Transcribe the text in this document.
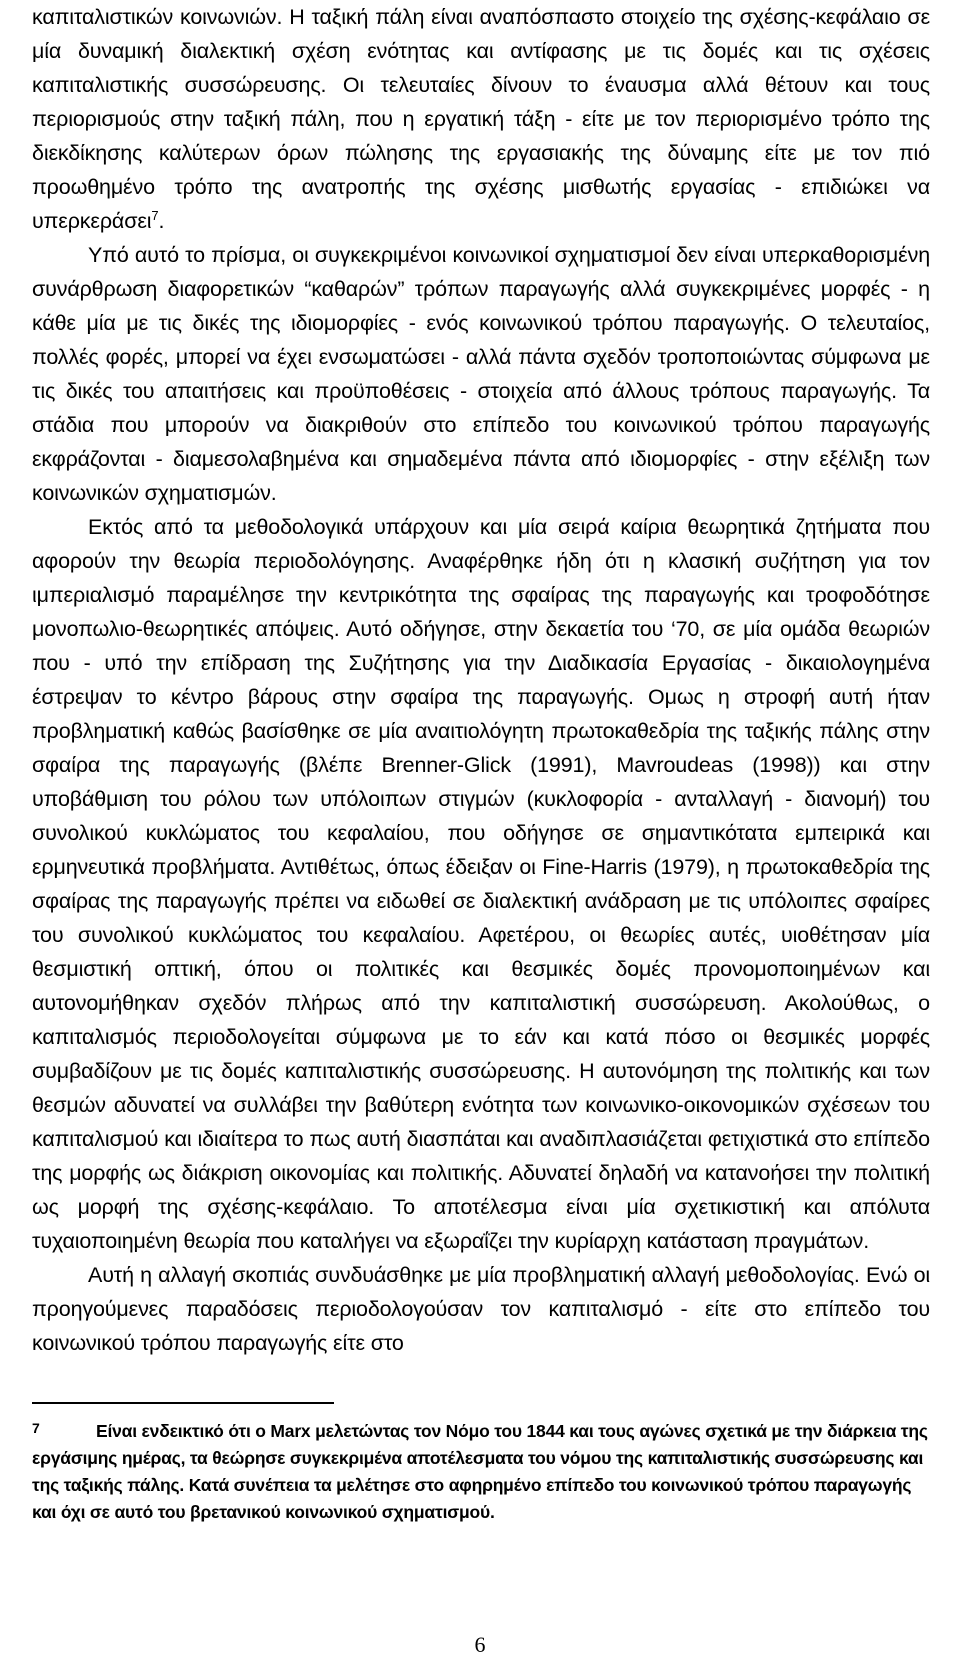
καπιταλιστικών κοινωνιών. Η ταξική πάλη είναι αναπόσπαστο στοιχείο της σχέσης-κεφάλαιο σε μία δυναμική διαλεκτική σχέση ενότητας και αντίφασης με τις δομές και τις σχέσεις καπιταλιστικής συσσώρευσης. Οι τελευταίες δίνουν το έναυσμα αλλά θέτουν και τους περιορισμούς στην ταξική πάλη, που η εργατική τάξη - είτε με τον περιορισμένο τρόπο της διεκδίκησης καλύτερων όρων πώλησης της εργασιακής της δύναμης είτε με τον πιό προωθημένο τρόπο της ανατροπής της σχέσης μισθωτής εργασίας - επιδιώκει να υπερκεράσει$^7$.

Υπό αυτό το πρίσμα, οι συγκεκριμένοι κοινωνικοί σχηματισμοί δεν είναι υπερκαθορισμένη συνάρθρωση διαφορετικών “καθαρών” τρόπων παραγωγής αλλά συγκεκριμένες μορφές - η κάθε μία με τις δικές της ιδιομορφίες - ενός κοινωνικού τρόπου παραγωγής. Ο τελευταίος, πολλές φορές, μπορεί να έχει ενσωματώσει - αλλά πάντα σχεδόν τροποποιώντας σύμφωνα με τις δικές του απαιτήσεις και προϋποθέσεις - στοιχεία από άλλους τρόπους παραγωγής. Τα στάδια που μπορούν να διακριθούν στο επίπεδο του κοινωνικού τρόπου παραγωγής εκφράζονται - διαμεσολαβημένα και σημαδεμένα πάντα από ιδιομορφίες - στην εξέλιξη των κοινωνικών σχηματισμών.

Εκτός από τα μεθοδολογικά υπάρχουν και μία σειρά καίρια θεωρητικά ζητήματα που αφορούν την θεωρία περιοδολόγησης. Αναφέρθηκε ήδη ότι η κλασική συζήτηση για τον ιμπεριαλισμό παραμέλησε την κεντρικότητα της σφαίρας της παραγωγής και τροφοδότησε μονοπωλιο-θεωρητικές απόψεις. Αυτό οδήγησε, στην δεκαετία του ‘70, σε μία ομάδα θεωριών που - υπό την επίδραση της Συζήτησης για την Διαδικασία Εργασίας - δικαιολογημένα έστρεψαν το κέντρο βάρους στην σφαίρα της παραγωγής. Ομως η στροφή αυτή ήταν προβληματική καθώς βασίσθηκε σε μία αναιτιολόγητη πρωτοκαθεδρία της ταξικής πάλης στην σφαίρα της παραγωγής (βλέπε Brenner-Glick (1991), Mavroudeas (1998)) και στην υποβάθμιση του ρόλου των υπόλοιπων στιγμών (κυκλοφορία - ανταλλαγή - διανομή) του συνολικού κυκλώματος του κεφαλαίου, που οδήγησε σε σημαντικότατα εμπειρικά και ερμηνευτικά προβλήματα. Αντιθέτως, όπως έδειξαν οι Fine-Harris (1979), η πρωτοκαθεδρία της σφαίρας της παραγωγής πρέπει να ειδωθεί σε διαλεκτική ανάδραση με τις υπόλοιπες σφαίρες του συνολικού κυκλώματος του κεφαλαίου. Αφετέρου, οι θεωρίες αυτές, υιοθέτησαν μία θεσμιστική οπτική, όπου οι πολιτικές και θεσμικές δομές προνομοποιημένων και αυτονομήθηκαν σχεδόν πλήρως από την καπιταλιστική συσσώρευση. Ακολούθως, ο καπιταλισμός περιοδολογείται σύμφωνα με το εάν και κατά πόσο οι θεσμικές μορφές συμβαδίζουν με τις δομές καπιταλιστικής συσσώρευσης. Η αυτονόμηση της πολιτικής και των θεσμών αδυνατεί να συλλάβει την βαθύτερη ενότητα των κοινωνικο-οικονομικών σχέσεων του καπιταλισμού και ιδιαίτερα το πως αυτή διασπάται και αναδιπλασιάζεται φετιχιστικά στο επίπεδο της μορφής ως διάκριση οικονομίας και πολιτικής. Αδυνατεί δηλαδή να κατανοήσει την πολιτική ως μορφή της σχέσης-κεφάλαιο. Το αποτέλεσμα είναι μία σχετικιστική και απόλυτα τυχαιοποιημένη θεωρία που καταλήγει να εξωραΐζει την κυρίαρχη κατάσταση πραγμάτων.

Αυτή η αλλαγή σκοπιάς συνδυάσθηκε με μία προβληματική αλλαγή μεθοδολογίας. Ενώ οι προηγούμενες παραδόσεις περιοδολογούσαν τον καπιταλισμό - είτε στο επίπεδο του κοινωνικού τρόπου παραγωγής είτε στο

7	Είναι ενδεικτικό ότι ο Marx μελετώντας τον Νόμο του 1844 και τους αγώνες σχετικά με την διάρκεια της εργάσιμης ημέρας, τα θεώρησε συγκεκριμένα αποτέλεσματα του νόμου της καπιταλιστικής συσσώρευσης και της ταξικής πάλης. Κατά συνέπεια τα μελέτησε στο αφηρημένο επίπεδο του κοινωνικού τρόπου παραγωγής και όχι σε αυτό του βρετανικού κοινωνικού σχηματισμού.
6
